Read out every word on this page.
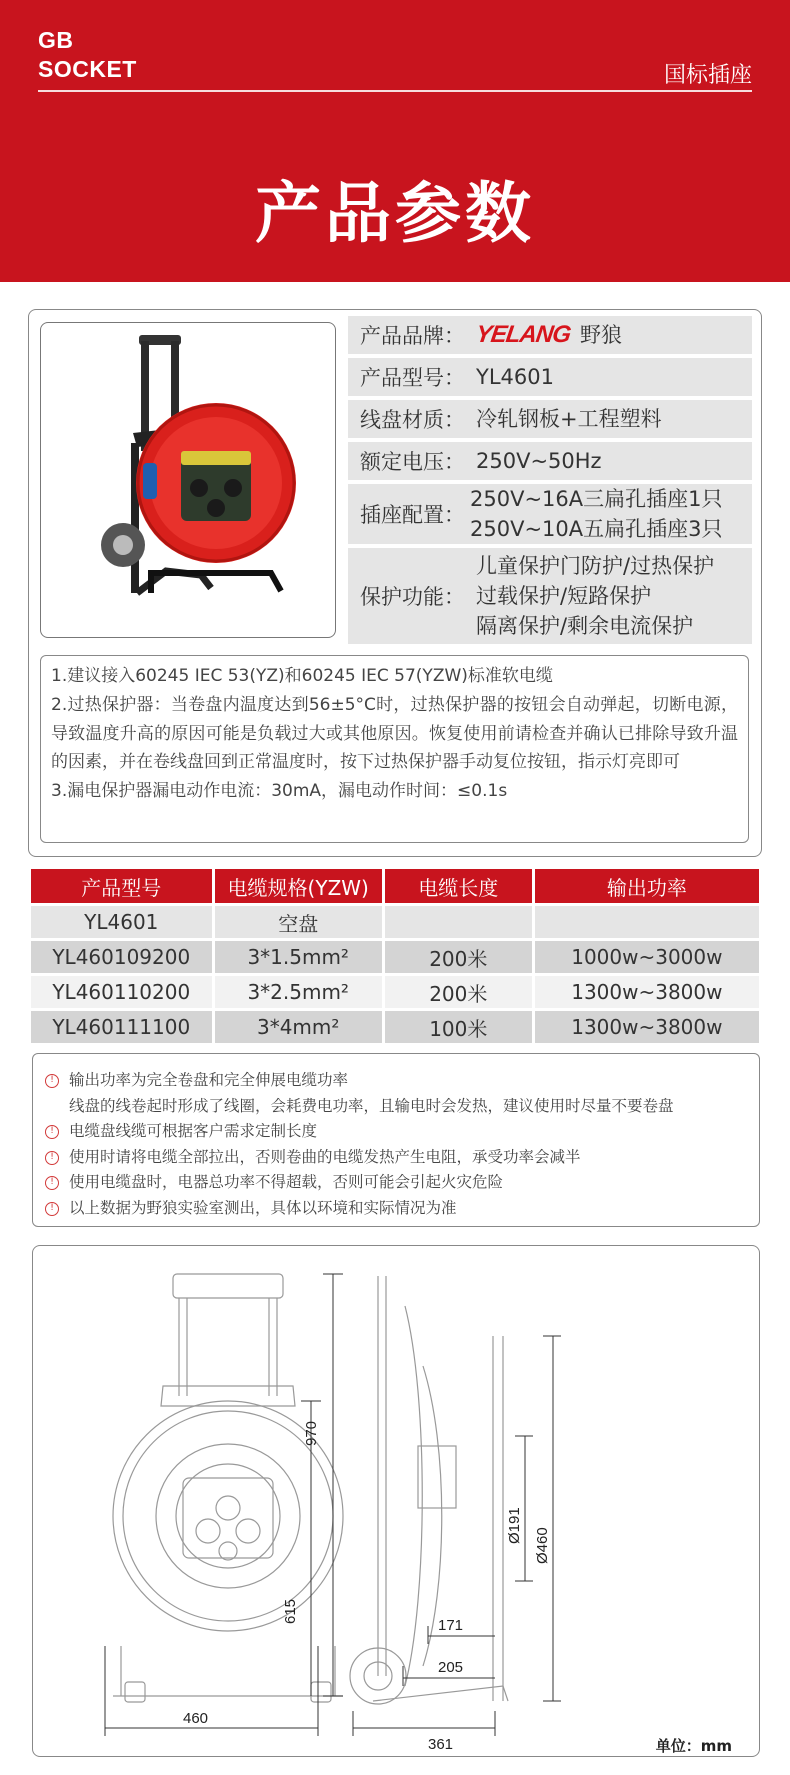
GB
SOCKET	国标插座
产品参数
产品品牌： YELANG 野狼
产品型号： YL4601
线盘材质： 冷轧钢板+工程塑料
额定电压： 250V~50Hz
插座配置：
250V~16A三扁孔插座1只
250V~10A五扁孔插座3只
保护功能：
儿童保护门防护/过热保护
过载保护/短路保护
隔离保护/剩余电流保护
1.建议接入60245 IEC 53(YZ)和60245 IEC 57(YZW)标准软电缆
2.过热保护器：当卷盘内温度达到56±5°C时，过热保护器的按钮会自动弹起，切断电源，导致温度升高的原因可能是负载过大或其他原因。恢复使用前请检查并确认已排除导致升温的因素，并在卷线盘回到正常温度时，按下过热保护器手动复位按钮，指示灯亮即可
3.漏电保护器漏电动作电流：30mA，漏电动作时间：≤0.1s
产品型号	电缆规格(YZW)	电缆长度	输出功率
YL4601	空盘		
YL460109200	3*1.5mm²	200米	1000w~3000w
YL460110200	3*2.5mm²	200米	1300w~3800w
YL460111100	3*4mm²	100米	1300w~3800w
! 输出功率为完全卷盘和完全伸展电缆功率
线盘的线卷起时形成了线圈，会耗费电功率，且输电时会发热，建议使用时尽量不要卷盘
! 电缆盘线缆可根据客户需求定制长度
! 使用时请将电缆全部拉出，否则卷曲的电缆发热产生电阻，承受功率会减半
! 使用电缆盘时，电器总功率不得超载，否则可能会引起火灾危险
! 以上数据为野狼实验室测出，具体以环境和实际情况为准
970
615
460
361
205
171
Ø191
Ø460
单位：mm
